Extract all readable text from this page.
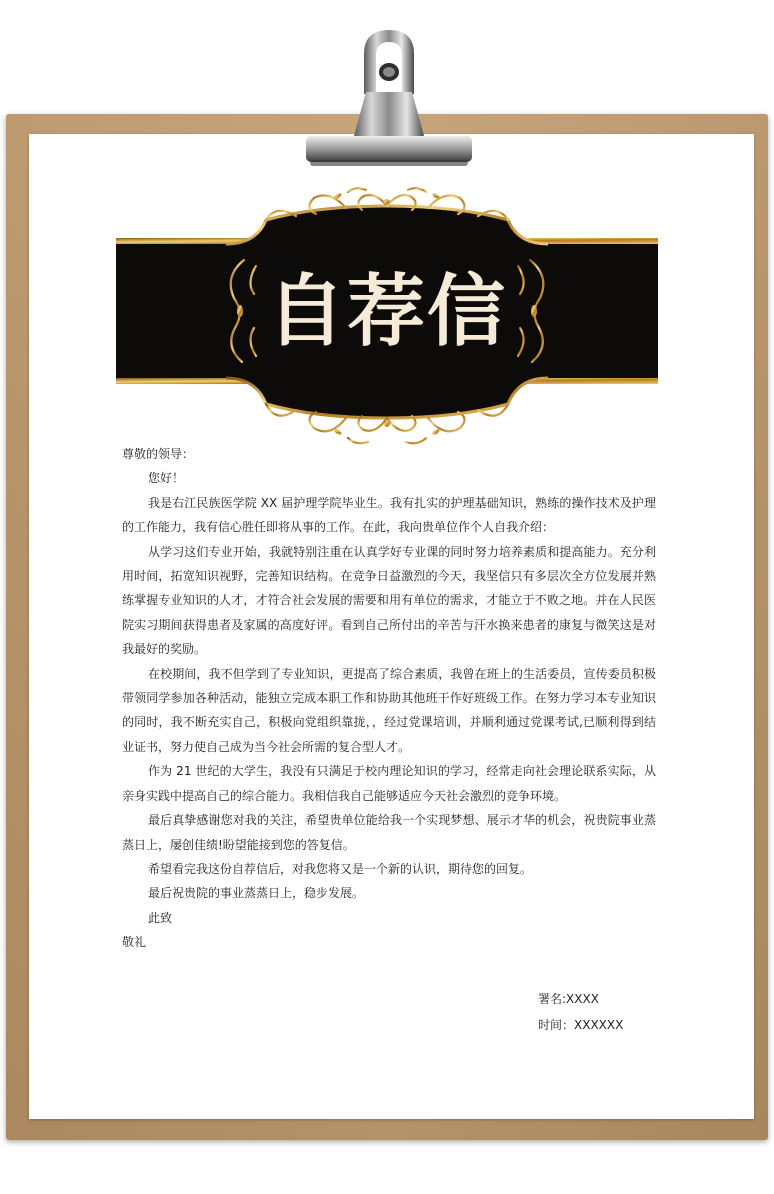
自荐信

尊敬的领导：

您好！

我是右江民族医学院 XX 届护理学院毕业生。我有扎实的护理基础知识，熟练的操作技术及护理的工作能力，我有信心胜任即将从事的工作。在此，我向贵单位作个人自我介绍：

从学习这们专业开始，我就特别注重在认真学好专业课的同时努力培养素质和提高能力。充分利用时间，拓宽知识视野，完善知识结构。在竞争日益激烈的今天，我坚信只有多层次全方位发展并熟练掌握专业知识的人才，才符合社会发展的需要和用有单位的需求，才能立于不败之地。并在人民医院实习期间获得患者及家属的高度好评。看到自己所付出的辛苦与汗水换来患者的康复与微笑这是对我最好的奖励。

在校期间，我不但学到了专业知识，更提高了综合素质，我曾在班上的生活委员，宣传委员积极带领同学参加各种活动，能独立完成本职工作和协助其他班干作好班级工作。在努力学习本专业知识的同时，我不断充实自己，积极向党组织靠拢，，经过党课培训，并顺利通过党课考试,已顺利得到结业证书，努力使自己成为当今社会所需的复合型人才。

作为 21 世纪的大学生，我没有只满足于校内理论知识的学习，经常走向社会理论联系实际，从亲身实践中提高自己的综合能力。我相信我自己能够适应今天社会激烈的竞争环境。

最后真挚感谢您对我的关注，希望贵单位能给我一个实现梦想、展示才华的机会，祝贵院事业蒸蒸日上，屡创佳绩!盼望能接到您的答复信。

希望看完我这份自荐信后，对我您将又是一个新的认识，期待您的回复。

最后祝贵院的事业蒸蒸日上，稳步发展。

此致

敬礼

署名:XXXX
时间：XXXXXX
